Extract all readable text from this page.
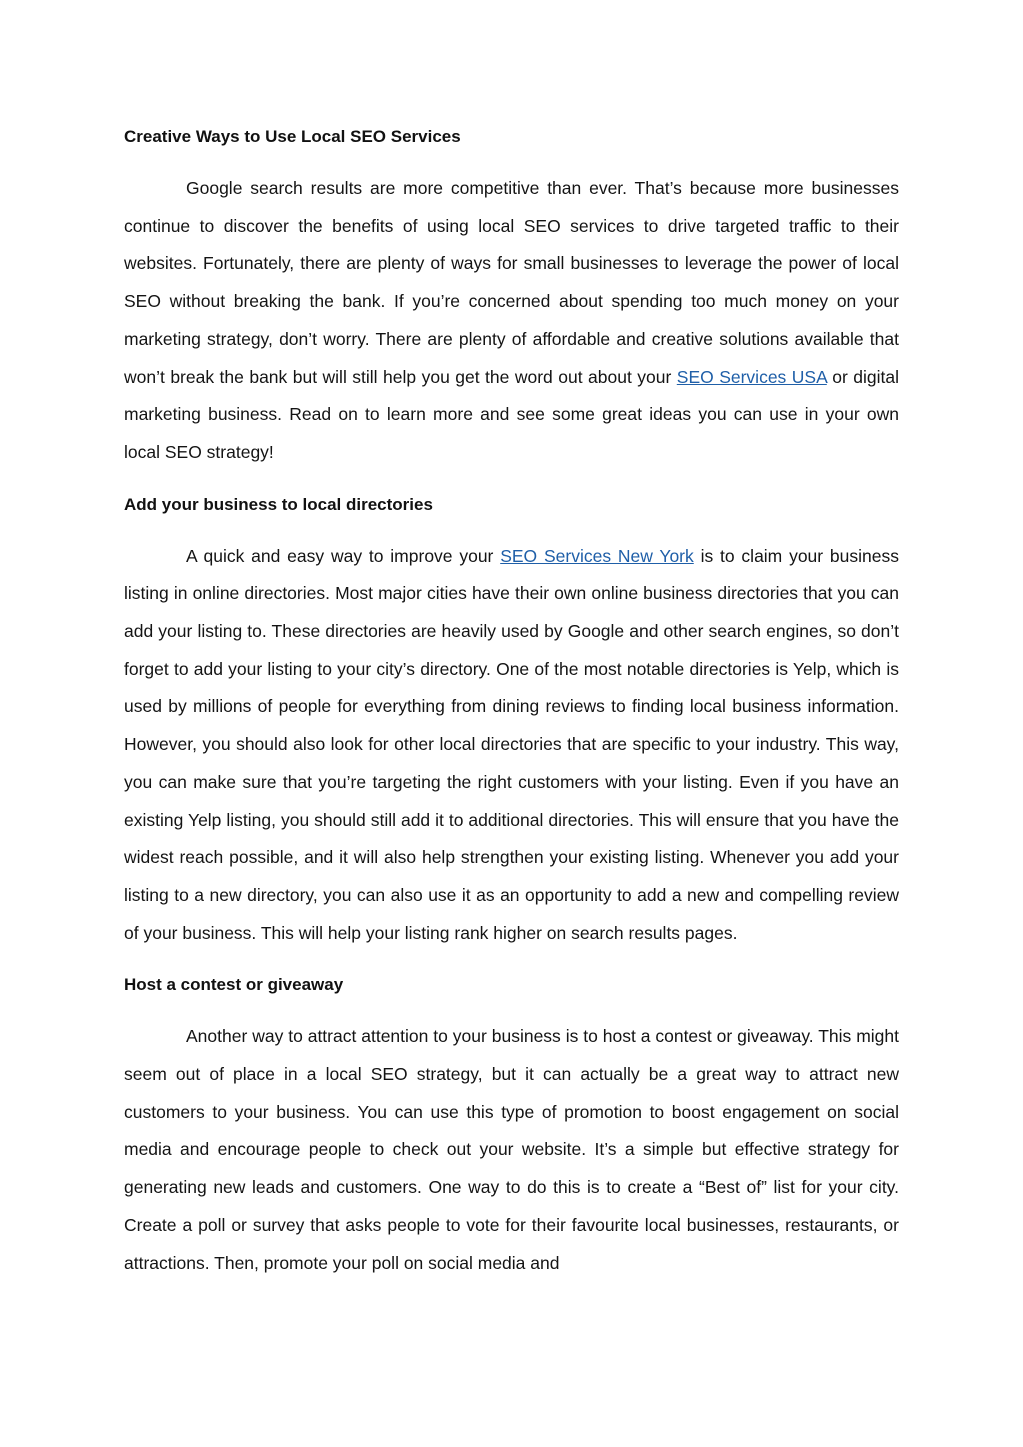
Creative Ways to Use Local SEO Services

Google search results are more competitive than ever. That’s because more businesses continue to discover the benefits of using local SEO services to drive targeted traffic to their websites. Fortunately, there are plenty of ways for small businesses to leverage the power of local SEO without breaking the bank. If you’re concerned about spending too much money on your marketing strategy, don’t worry. There are plenty of affordable and creative solutions available that won’t break the bank but will still help you get the word out about your SEO Services USA or digital marketing business. Read on to learn more and see some great ideas you can use in your own local SEO strategy!

Add your business to local directories

A quick and easy way to improve your SEO Services New York is to claim your business listing in online directories. Most major cities have their own online business directories that you can add your listing to. These directories are heavily used by Google and other search engines, so don’t forget to add your listing to your city’s directory. One of the most notable directories is Yelp, which is used by millions of people for everything from dining reviews to finding local business information. However, you should also look for other local directories that are specific to your industry. This way, you can make sure that you’re targeting the right customers with your listing. Even if you have an existing Yelp listing, you should still add it to additional directories. This will ensure that you have the widest reach possible, and it will also help strengthen your existing listing. Whenever you add your listing to a new directory, you can also use it as an opportunity to add a new and compelling review of your business. This will help your listing rank higher on search results pages.

Host a contest or giveaway

Another way to attract attention to your business is to host a contest or giveaway. This might seem out of place in a local SEO strategy, but it can actually be a great way to attract new customers to your business. You can use this type of promotion to boost engagement on social media and encourage people to check out your website. It’s a simple but effective strategy for generating new leads and customers. One way to do this is to create a “Best of” list for your city. Create a poll or survey that asks people to vote for their favourite local businesses, restaurants, or attractions. Then, promote your poll on social media and
